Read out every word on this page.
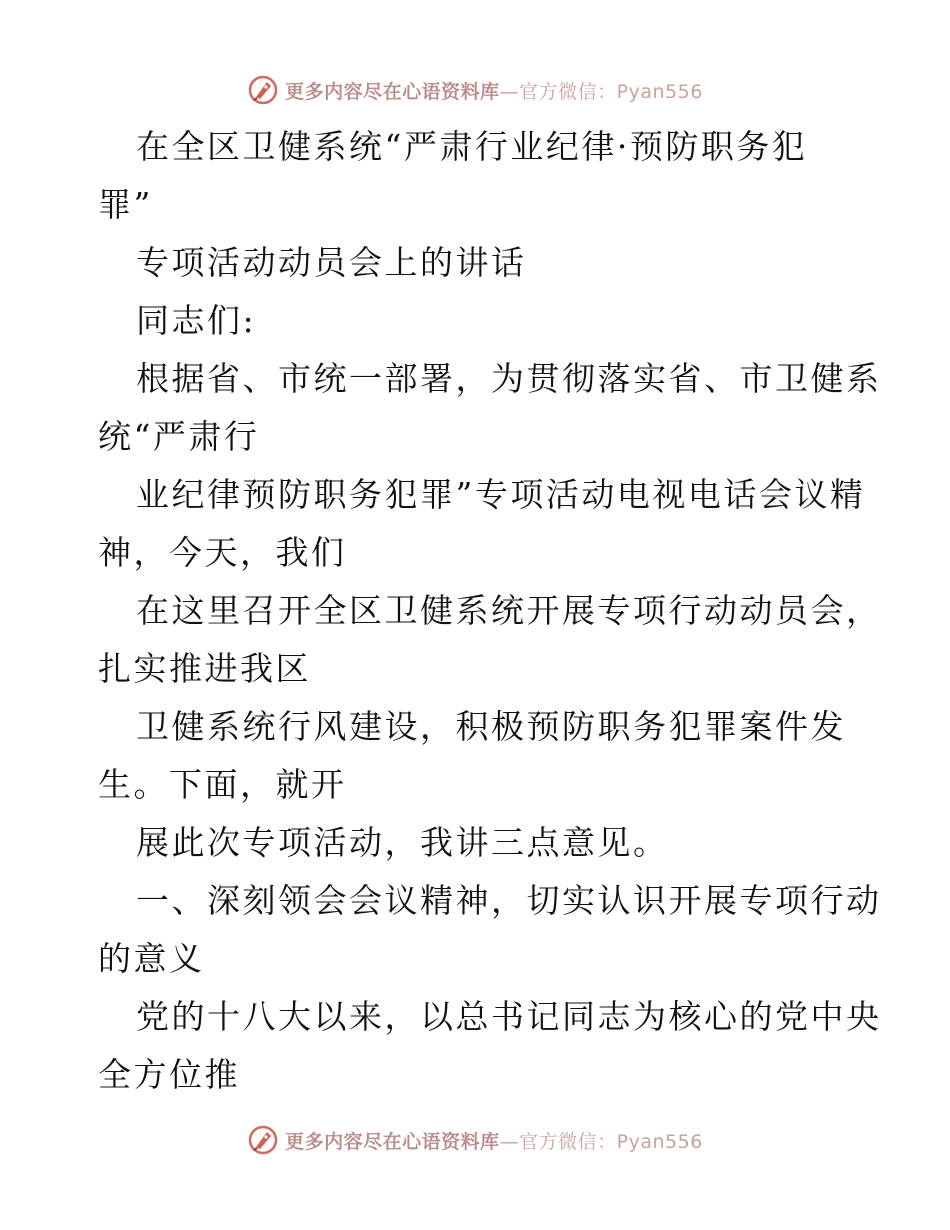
更多内容尽在心语资料库—官方微信：Pyan556
在全区卫健系统“严肃行业纪律·预防职务犯
罪”
专项活动动员会上的讲话
同志们:
根据省、市统一部署，为贯彻落实省、市卫健系
统“严肃行
业纪律预防职务犯罪”专项活动电视电话会议精
神，今天，我们
在这里召开全区卫健系统开展专项行动动员会，
扎实推进我区
卫健系统行风建设，积极预防职务犯罪案件发
生。下面，就开
展此次专项活动，我讲三点意见。
一、深刻领会会议精神，切实认识开展专项行动
的意义
党的十八大以来，以总书记同志为核心的党中央
全方位推
更多内容尽在心语资料库—官方微信：Pyan556
